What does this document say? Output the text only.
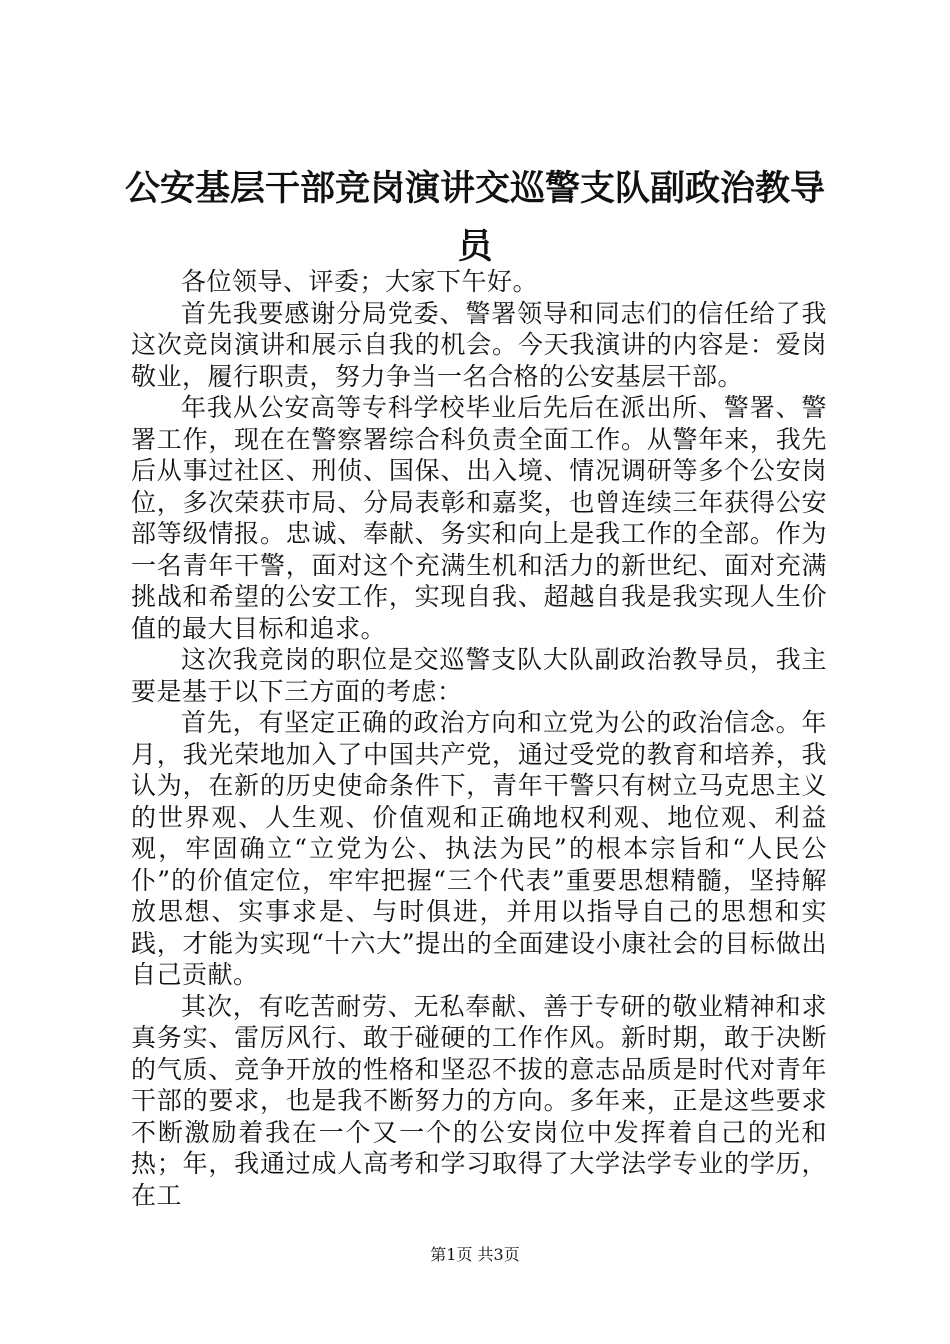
公安基层干部竞岗演讲交巡警支队副政治教导员

各位领导、评委；大家下午好。

首先我要感谢分局党委、警署领导和同志们的信任给了我这次竞岗演讲和展示自我的机会。今天我演讲的内容是：爱岗敬业，履行职责，努力争当一名合格的公安基层干部。

年我从公安高等专科学校毕业后先后在派出所、警署、警署工作，现在在警察署综合科负责全面工作。从警年来，我先后从事过社区、刑侦、国保、出入境、情况调研等多个公安岗位，多次荣获市局、分局表彰和嘉奖，也曾连续三年获得公安部等级情报。忠诚、奉献、务实和向上是我工作的全部。作为一名青年干警，面对这个充满生机和活力的新世纪、面对充满挑战和希望的公安工作，实现自我、超越自我是我实现人生价值的最大目标和追求。

这次我竞岗的职位是交巡警支队大队副政治教导员，我主要是基于以下三方面的考虑：

首先，有坚定正确的政治方向和立党为公的政治信念。年月，我光荣地加入了中国共产党，通过受党的教育和培养，我认为，在新的历史使命条件下，青年干警只有树立马克思主义的世界观、人生观、价值观和正确地权利观、地位观、利益观，牢固确立“立党为公、执法为民”的根本宗旨和“人民公仆”的价值定位，牢牢把握“三个代表”重要思想精髓，坚持解放思想、实事求是、与时俱进，并用以指导自己的思想和实践，才能为实现“十六大”提出的全面建设小康社会的目标做出自己贡献。

其次，有吃苦耐劳、无私奉献、善于专研的敬业精神和求真务实、雷厉风行、敢于碰硬的工作作风。新时期，敢于决断的气质、竞争开放的性格和坚忍不拔的意志品质是时代对青年干部的要求，也是我不断努力的方向。多年来，正是这些要求不断激励着我在一个又一个的公安岗位中发挥着自己的光和热；年，我通过成人高考和学习取得了大学法学专业的学历，在工

第1页 共3页
